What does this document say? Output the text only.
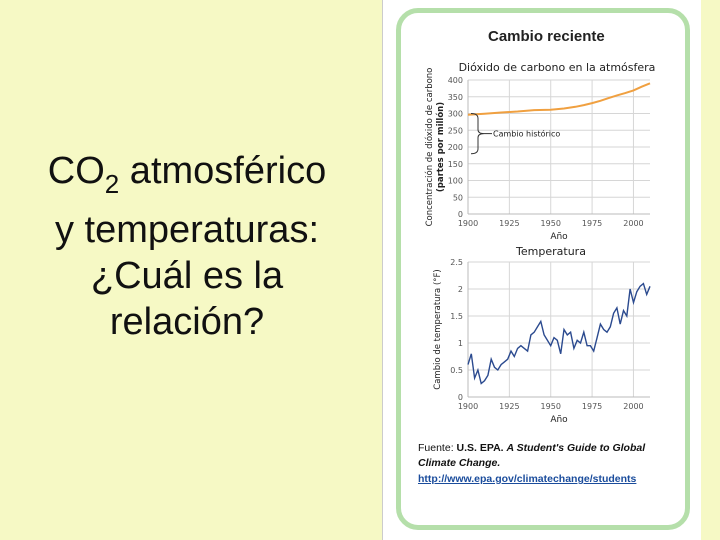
$CO_2$ atmosférico
y temperaturas:
¿Cuál es la
relación?
Cambio reciente
0
50
100
150
200
250
300
350
400
1900	1925	1950	1975	2000
Dióxido de carbono en la atmósfera
Año
Concentración de dióxido de carbono (partes por millón)	Cambio histórico
0
0.5
1
1.5
2
2.5
1900	1925	1950	1975	2000
Temperatura
Año
Cambio de temperatura (°F)
Fuente: U.S. EPA. A Student's Guide to Global
Climate Change.
http://www.epa.gov/climatechange/students
